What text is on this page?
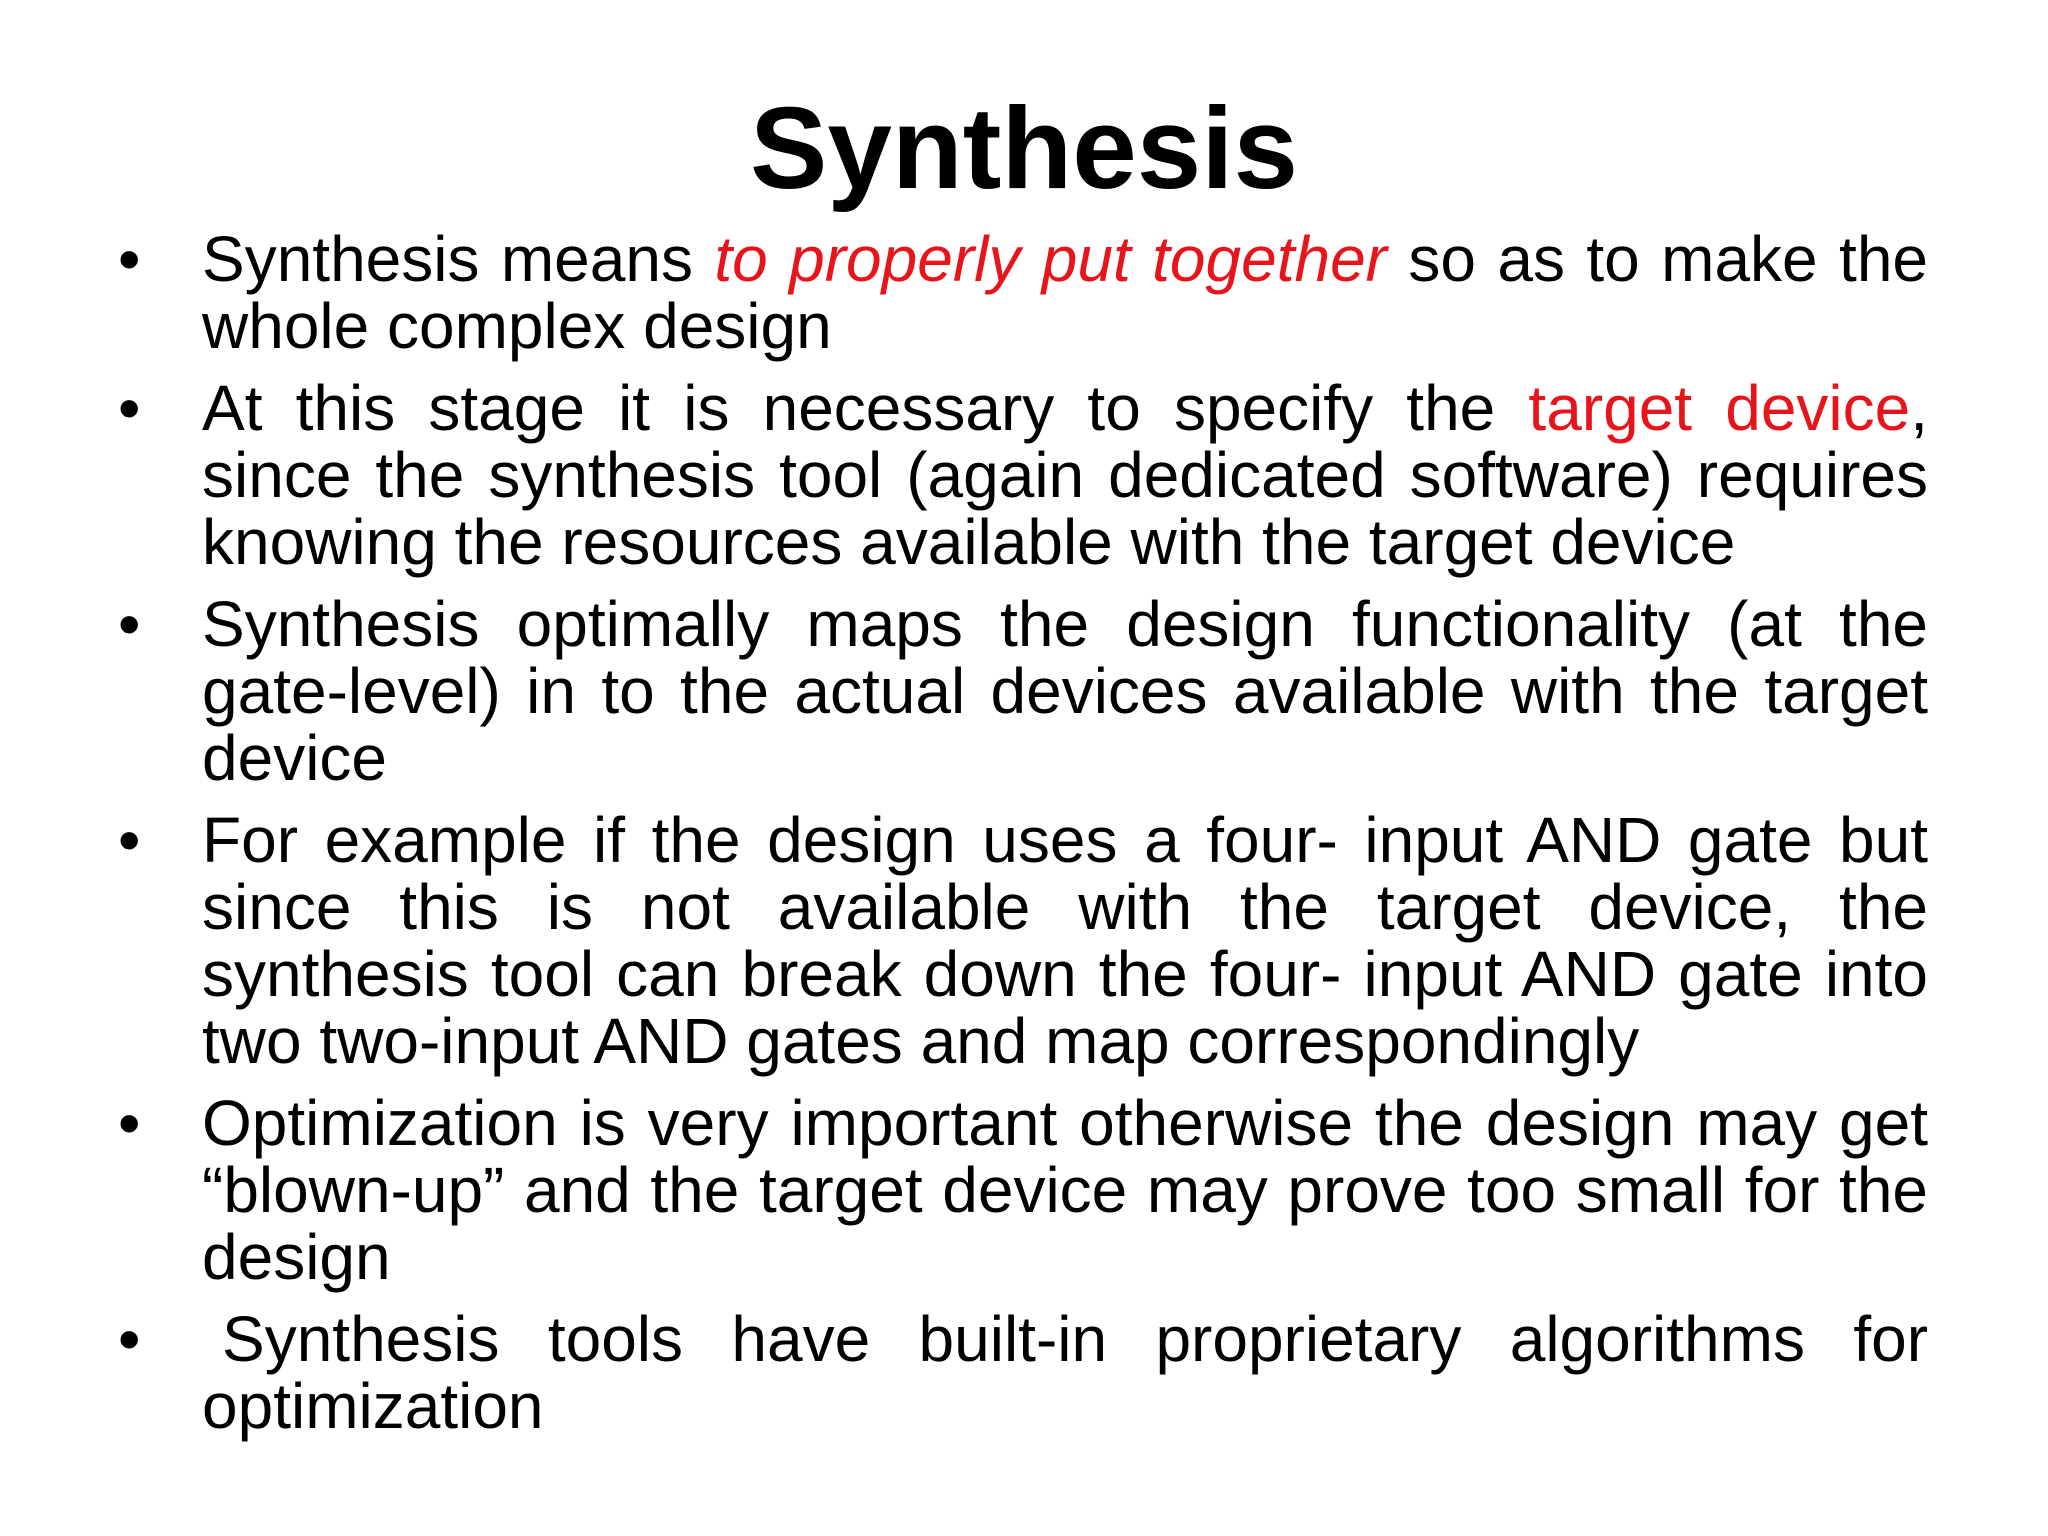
Synthesis
• Synthesis means to properly put together so as to make the whole complex design
• At this stage it is necessary to specify the target device, since the synthesis tool (again dedicated software) requires knowing the resources available with the target device
• Synthesis optimally maps the design functionality (at the gate-level) in to the actual devices available with the target device
• For example if the design uses a four- input AND gate but since this is not available with the target device, the synthesis tool can break down the four- input AND gate into two two-input AND gates and map correspondingly
• Optimization is very important otherwise the design may get “blown-up” and the target device may prove too small for the design
• Synthesis tools have built-in proprietary algorithms for optimization
